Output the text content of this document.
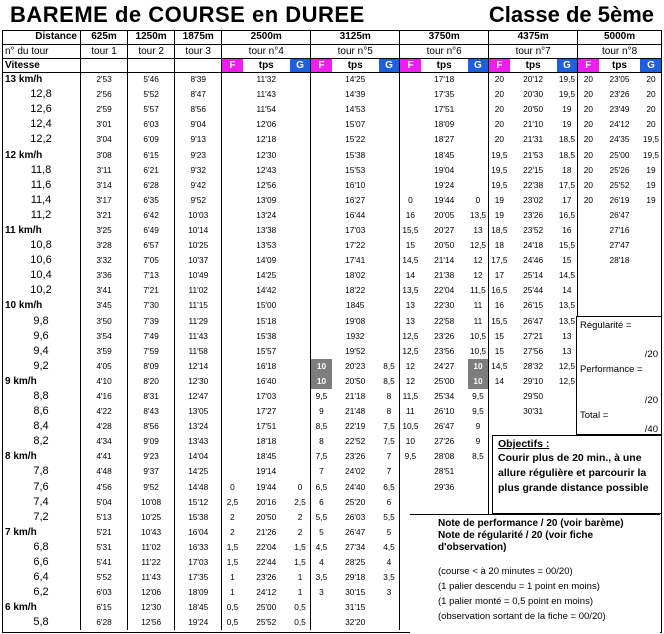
BAREME de COURSE en DUREE	Classe de 5ème
Distance	625m	1250m	1875m	2500m			3125m			3750m			4375m			5000m		
n° du tour	tour 1	tour 2	tour 3	tour n°4			tour n°5			tour n°6			tour n°7			tour n°8		
Vitesse				F	tps	G	F	tps	G	F	tps	G	F	tps	G	F	tps	G
13 km/h	2'53	5'46	8'39		11'32			14'25			17'18		20	20'12	19,5	20	23'05	20
12,8	2'56	5'52	8'47		11'43			14'39			17'35		20	20'30	19,5	20	23'26	20
12,6	2'59	5'57	8'56		11'54			14'53			17'51		20	20'50	19	20	23'49	20
12,4	3'01	6'03	9'04		12'06			15'07			18'09		20	21'10	19	20	24'12	20
12,2	3'04	6'09	9'13		12'18			15'22			18'27		20	21'31	18,5	20	24'35	19,5
12 km/h	3'08	6'15	9'23		12'30			15'38			18'45		19,5	21'53	18,5	20	25'00	19,5
11,8	3'11	6'21	9'32		12'43			15'53			19'04		19,5	22'15	18	20	25'26	19
11,6	3'14	6'28	9'42		12'56			16'10			19'24		19,5	22'38	17,5	20	25'52	19
11,4	3'17	6'35	9'52		13'09			16'27		0	19'44	0	19	23'02	17	20	26'19	19
11,2	3'21	6'42	10'03		13'24			16'44		16	20'05	13,5	19	23'26	16,5		26'47	
11 km/h	3'25	6'49	10'14		13'38			17'03		15,5	20'27	13	18,5	23'52	16		27'16	
10,8	3'28	6'57	10'25		13'53			17'22		15	20'50	12,5	18	24'18	15,5		27'47	
10,6	3'32	7'05	10'37		14'09			17'41		14,5	21'14	12	17,5	24'46	15		28'18	
10,4	3'36	7'13	10'49		14'25			18'02		14	21'38	12	17	25'14	14,5			
10,2	3'41	7'21	11'02		14'42			18'22		13,5	22'04	11,5	16,5	25'44	14			
10 km/h	3'45	7'30	11'15		15'00			1845		13	22'30	11	16	26'15	13,5			
9,8	3'50	7'39	11'29		15'18			19'08		13	22'58	11	15,5	26'47	13,5			
9,6	3'54	7'49	11'43		15'38			1932		12,5	23'26	10,5	15	27'21	13			
9,4	3'59	7'59	11'58		15'57			19'52		12,5	23'56	10,5	15	27'56	13			
9,2	4'05	8'09	12'14		16'18		10	20'23	8,5	12	24'27	10	14,5	28'32	12,5			
9 km/h	4'10	8'20	12'30		16'40		10	20'50	8,5	12	25'00	10	14	29'10	12,5			
8,8	4'16	8'31	12'47		17'03		9,5	21'18	8	11,5	25'34	9,5		29'50				
8,6	4'22	8'43	13'05		17'27		9	21'48	8	11	26'10	9,5		30'31				
8,4	4'28	8'56	13'24		17'51		8,5	22'19	7,5	10,5	26'47	9						
8,2	4'34	9'09	13'43		18'18		8	22'52	7,5	10	27'26	9						
8 km/h	4'41	9'23	14'04		18'45		7,5	23'26	7	9,5	28'08	8,5						
7,8	4'48	9'37	14'25		19'14		7	24'02	7		28'51							
7,6	4'56	9'52	14'48	0	19'44	0	6,5	24'40	6,5		29'36							
7,4	5'04	10'08	15'12	2,5	20'16	2,5	6	25'20	6									
7,2	5'13	10'25	15'38	2	20'50	2	5,5	26'03	5,5									
7 km/h	5'21	10'43	16'04	2	21'26	2	5	26'47	5									
6,8	5'31	11'02	16'33	1,5	22'04	1,5	4,5	27'34	4,5									
6,6	5'41	11'22	17'03	1,5	22'44	1,5	4	28'25	4									
6,4	5'52	11'43	17'35	1	23'26	1	3,5	29'18	3,5									
6,2	6'03	12'06	18'09	1	24'12	1	3	30'15	3									
6 km/h	6'15	12'30	18'45	0,5	25'00	0,5		31'15										
5,8	6'28	12'56	19'24	0,5	25'52	0,5		32'20										
Régularité =
/20
Performance =
/20
Total =
/40
Objectifs :
Courir plus de 20 min., à une allure régulière et parcourir la plus grande distance possible
Note de performance / 20 (voir barème)
Note de régularité / 20 (voir fiche d'observation)
(course < à 20 minutes = 00/20)
(1 palier descendu = 1 point en moins)
(1 palier monté = 0,5 point en moins)
(observation sortant de la fiche = 00/20)
